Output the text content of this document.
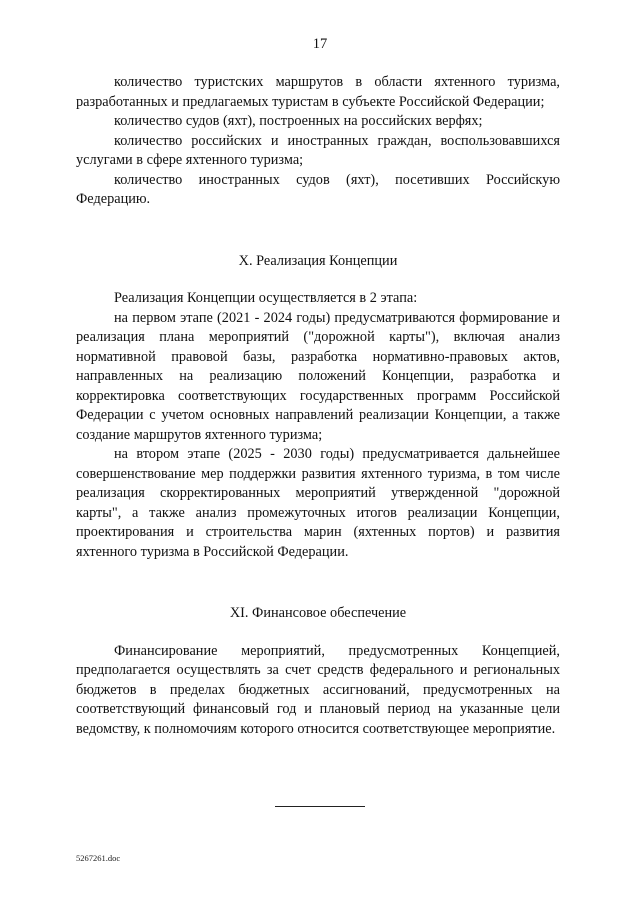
17

количество туристских маршрутов в области яхтенного туризма, разработанных и предлагаемых туристам в субъекте Российской Федерации;

количество судов (яхт), построенных на российских верфях;

количество российских и иностранных граждан, воспользовавшихся услугами в сфере яхтенного туризма;

количество иностранных судов (яхт), посетивших Российскую Федерацию.

X. Реализация Концепции

Реализация Концепции осуществляется в 2 этапа:

на первом этапе (2021 - 2024 годы) предусматриваются формирование и реализация плана мероприятий ("дорожной карты"), включая анализ нормативной правовой базы, разработка нормативно-правовых актов, направленных на реализацию положений Концепции, разработка и корректировка соответствующих государственных программ Российской Федерации с учетом основных направлений реализации Концепции, а также создание маршрутов яхтенного туризма;

на втором этапе (2025 - 2030 годы) предусматривается дальнейшее совершенствование мер поддержки развития яхтенного туризма, в том числе реализация скорректированных мероприятий утвержденной "дорожной карты", а также анализ промежуточных итогов реализации Концепции, проектирования и строительства марин (яхтенных портов) и развития яхтенного туризма в Российской Федерации.

XI. Финансовое обеспечение

Финансирование мероприятий, предусмотренных Концепцией, предполагается осуществлять за счет средств федерального и региональных бюджетов в пределах бюджетных ассигнований, предусмотренных на соответствующий финансовый год и плановый период на указанные цели ведомству, к полномочиям которого относится соответствующее мероприятие.

5267261.doc
